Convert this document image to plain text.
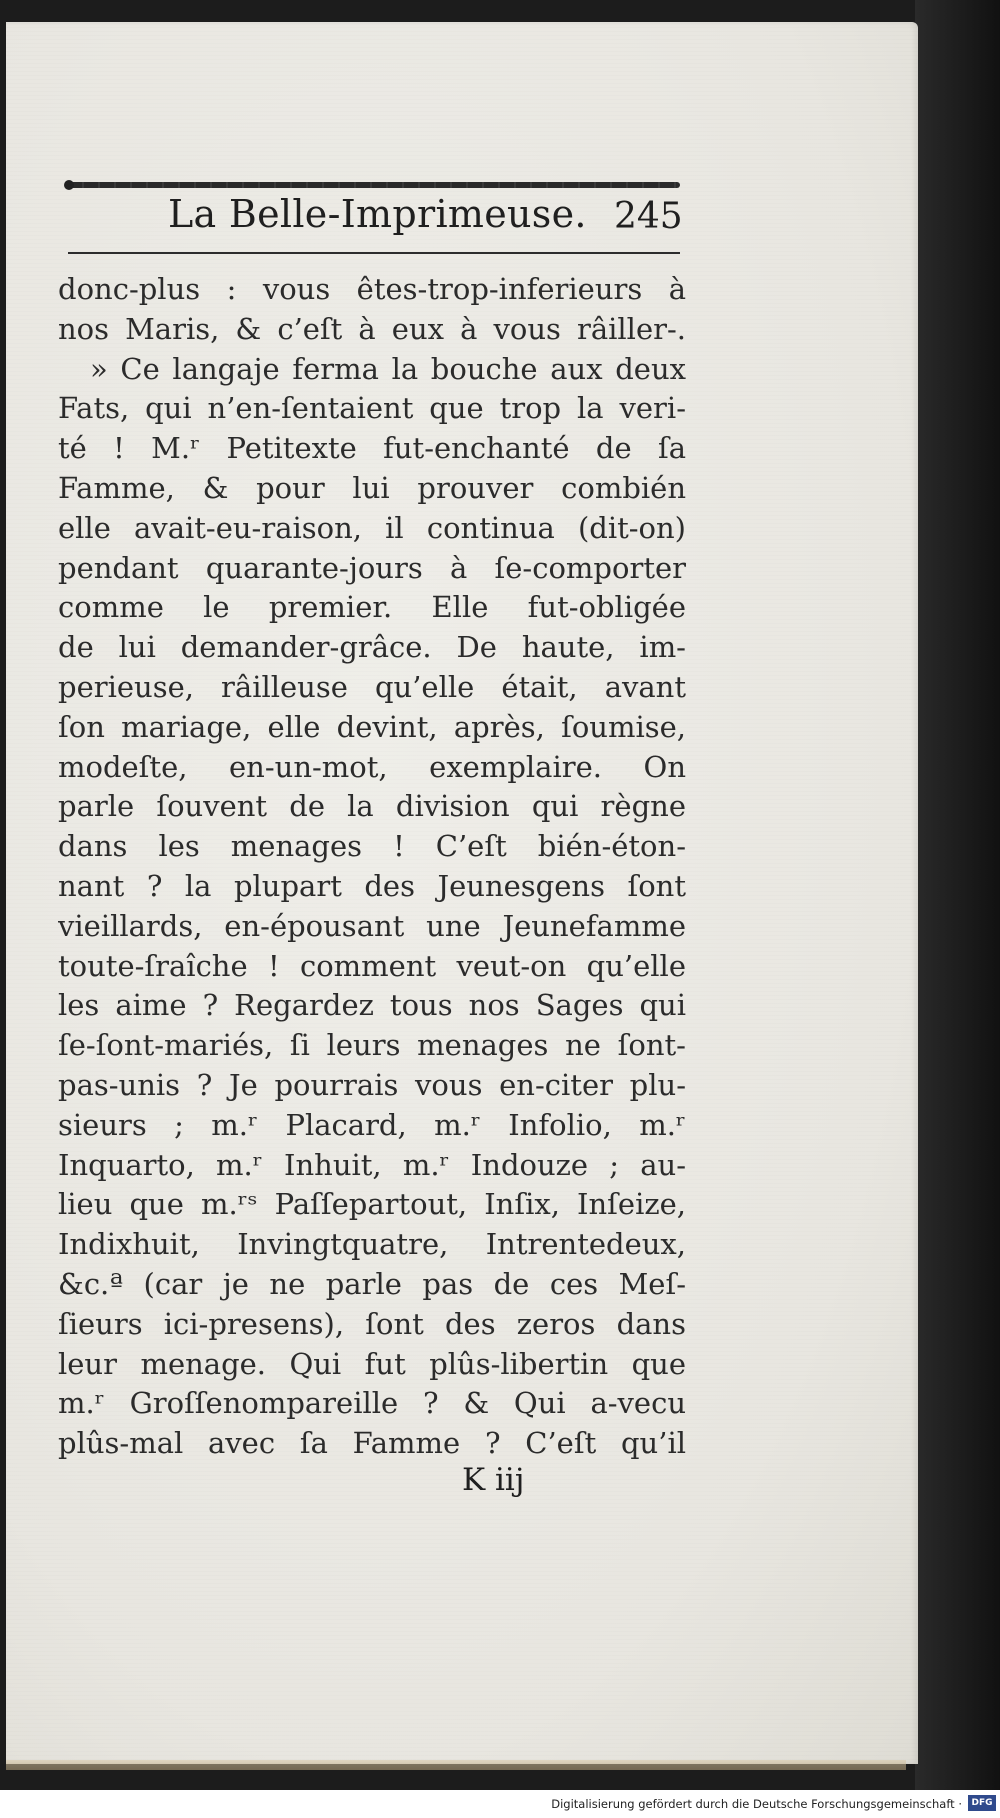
La Belle-Imprimeuse. 245
donc-plus : vous êtes-trop-inferieurs à
nos Maris, & c’eſt à eux à vous râiller-.
» Ce langaje ferma la bouche aux deux
Fats, qui n’en-ſentaient que trop la veri-
té ! M.ʳ Petitexte fut-enchanté de ſa
Famme, & pour lui prouver combién
elle avait-eu-raison, il continua (dit-on)
pendant quarante-jours à ſe-comporter
comme le premier. Elle fut-obligée
de lui demander-grâce. De haute, im-
perieuse, râilleuse qu’elle était, avant
ſon mariage, elle devint, après, ſoumise,
modeſte, en-un-mot, exemplaire. On
parle ſouvent de la division qui règne
dans les menages ! C’eſt bién-éton-
nant ? la plupart des Jeunesgens ſont
vieillards, en-épousant une Jeunefamme
toute-ſraîche ! comment veut-on qu’elle
les aime ? Regardez tous nos Sages qui
ſe-ſont-mariés, ſi leurs menages ne ſont-
pas-unis ? Je pourrais vous en-citer plu-
sieurs ; m.ʳ Placard, m.ʳ Infolio, m.ʳ
Inquarto, m.ʳ Inhuit, m.ʳ Indouze ; au-
lieu que m.ʳˢ Paſſepartout, Inſix, Inſeize,
Indixhuit, Invingtquatre, Intrentedeux,
&c.ª (car je ne parle pas de ces Meſ-
ſieurs ici-presens), ſont des zeros dans
leur menage. Qui fut plûs-libertin que
m.ʳ Groſſenompareille ? & Qui a-vecu
plûs-mal avec ſa Famme ? C’eſt qu’il
K iij
Digitalisierung gefördert durch die Deutsche Forschungsgemeinschaft ·	DFG
